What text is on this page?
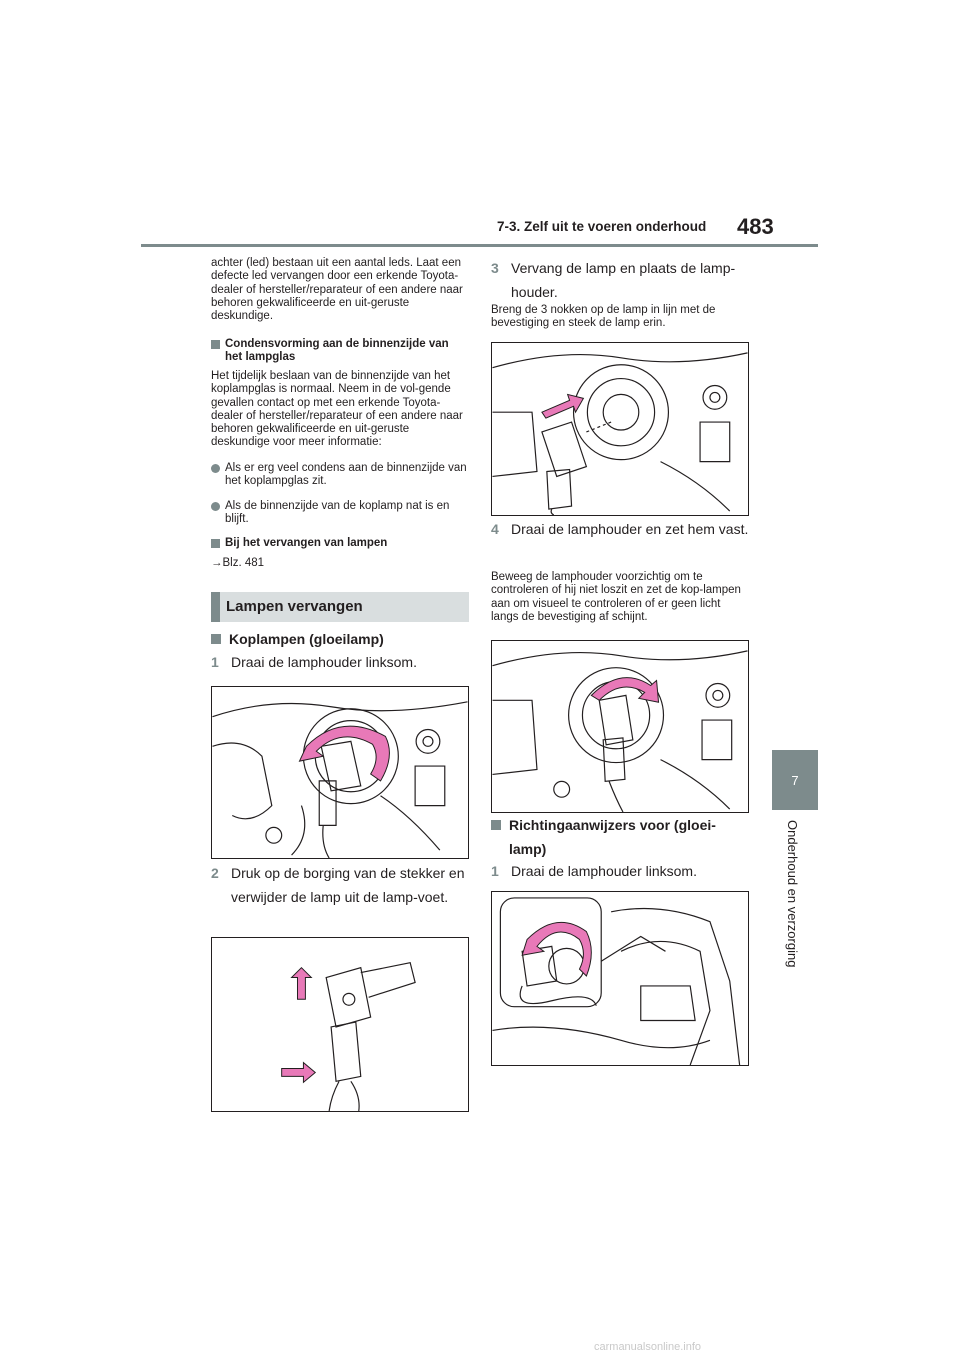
7-3. Zelf uit te voeren onderhoud 483
7
Onderhoud en verzorging

achter (led) bestaan uit een aantal leds. Laat een defecte led vervangen door een erkende Toyota-dealer of hersteller/reparateur of een andere naar behoren gekwalificeerde en uit-geruste deskundige.

Condensvorming aan de binnenzijde van het lampglas

Het tijdelijk beslaan van de binnenzijde van het koplampglas is normaal. Neem in de vol-gende gevallen contact op met een erkende Toyota-dealer of hersteller/reparateur of een andere naar behoren gekwalificeerde en uit-geruste deskundige voor meer informatie:

Als er erg veel condens aan de binnenzijde van het koplampglas zit.
Als de binnenzijde van de koplamp nat is en blijft.
Bij het vervangen van lampen
→Blz. 481
Lampen vervangen
Koplampen (gloeilamp)
1 Draai de lamphouder linksom.
2 Druk op de borging van de stekker en verwijder de lamp uit de lamp-voet.
3 Vervang de lamp en plaats de lamp-houder.

Breng de 3 nokken op de lamp in lijn met de bevestiging en steek de lamp erin.

4 Draai de lamphouder en zet hem vast.

Beweeg de lamphouder voorzichtig om te controleren of hij niet loszit en zet de kop-lampen aan om visueel te controleren of er geen licht langs de bevestiging af schijnt.

Richtingaanwijzers voor (gloei-lamp)
1 Draai de lamphouder linksom.
carmanualsonline.info
